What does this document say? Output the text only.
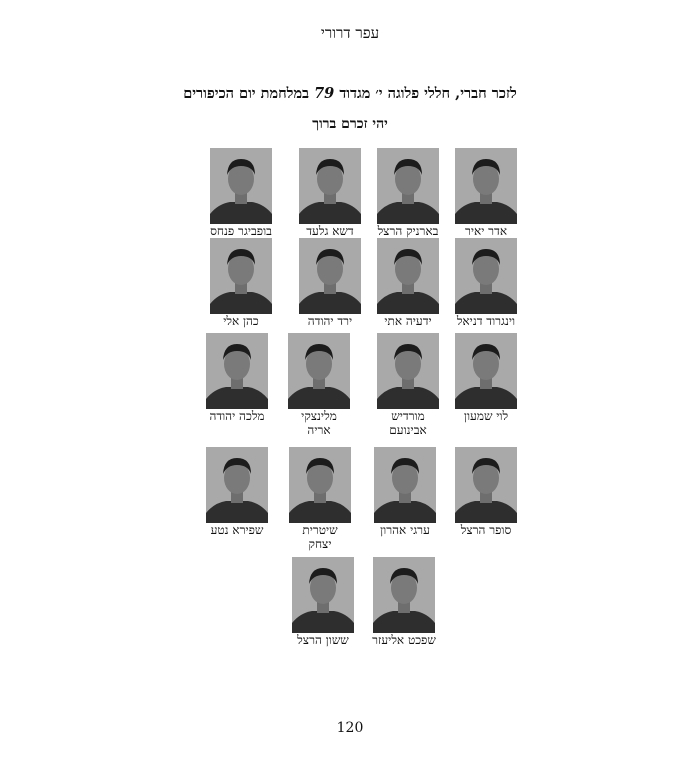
עפר דרורי
לזכר חברי, חללי פלוגה י׳ מגדוד 79 במלחמת יום הכיפורים
יהי זכרם ברוך
אדר יאיר
בארניק הרצל
דשא גלעד
בופביגר פנחס
וינגרוד דניאל
ידעיה אתי
ירד יהודה
כהן אלי
לוי שמעון
מורדיש
אבינועם
מלינצקי
אריה
מלכה יהודה
סופר הרצל
ערגי אהרון
שיטרית
יצחק
שפירא נטע
שפכט אליעזר
ששון הרצל
120
